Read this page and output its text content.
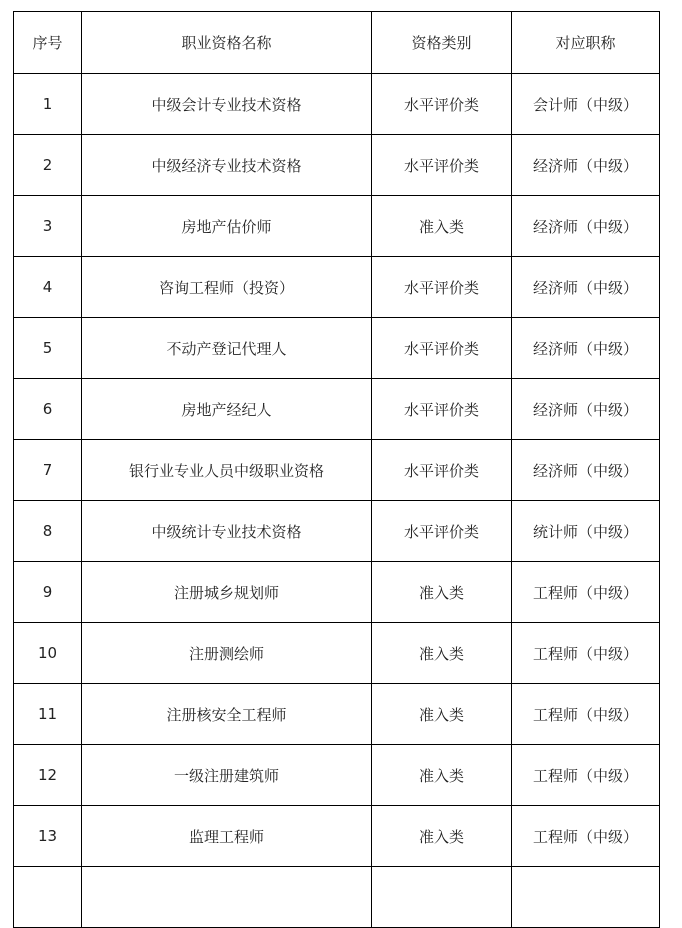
序号	职业资格名称	资格类别	对应职称
1	中级会计专业技术资格	水平评价类	会计师（中级）
2	中级经济专业技术资格	水平评价类	经济师（中级）
3	房地产估价师	准入类	经济师（中级）
4	咨询工程师（投资）	水平评价类	经济师（中级）
5	不动产登记代理人	水平评价类	经济师（中级）
6	房地产经纪人	水平评价类	经济师（中级）
7	银行业专业人员中级职业资格	水平评价类	经济师（中级）
8	中级统计专业技术资格	水平评价类	统计师（中级）
9	注册城乡规划师	准入类	工程师（中级）
10	注册测绘师	准入类	工程师（中级）
11	注册核安全工程师	准入类	工程师（中级）
12	一级注册建筑师	准入类	工程师（中级）
13	监理工程师	准入类	工程师（中级）
